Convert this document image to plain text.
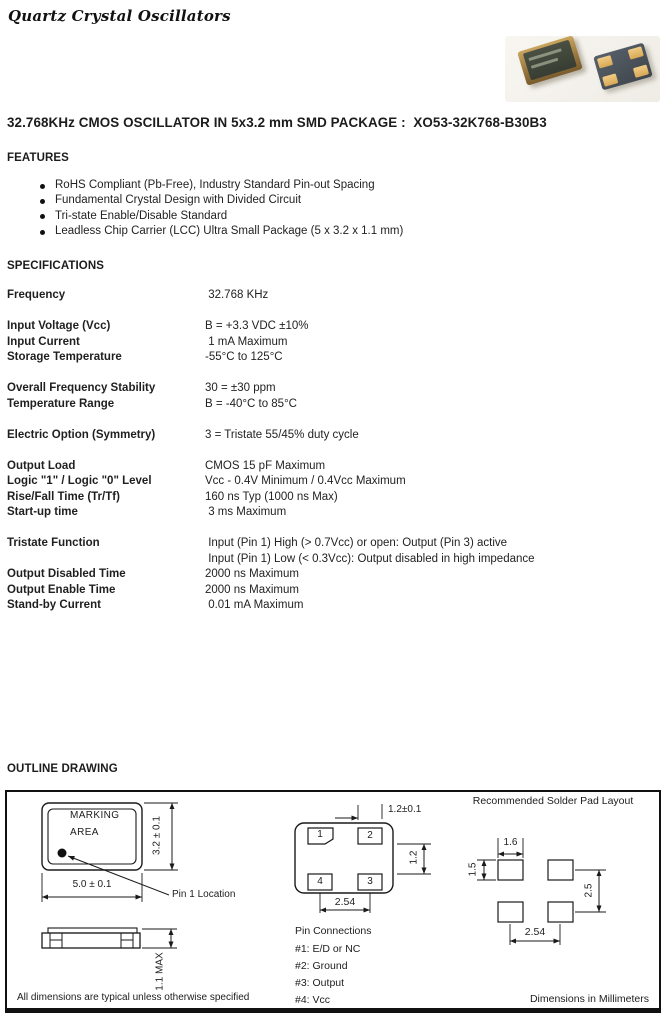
Quartz Crystal Oscillators
32.768KHz CMOS OSCILLATOR IN 5x3.2 mm SMD PACKAGE :  XO53-32K768-B30B3
FEATURES
RoHS Compliant (Pb-Free), Industry Standard Pin-out Spacing
Fundamental Crystal Design with Divided Circuit
Tri-state Enable/Disable Standard
Leadless Chip Carrier (LCC) Ultra Small Package (5 x 3.2 x 1.1 mm)
SPECIFICATIONS
Frequency	32.768 KHz
Input Voltage (Vcc)	B = +3.3 VDC ±10%
Input Current	1 mA Maximum
Storage Temperature	-55°C to 125°C
Overall Frequency Stability	30 = ±30 ppm
Temperature Range	B = -40°C to 85°C
Electric Option (Symmetry)	3 = Tristate 55/45% duty cycle
Output Load	CMOS 15 pF Maximum
Logic "1" / Logic "0" Level	Vcc - 0.4V Minimum / 0.4Vcc Maximum
Rise/Fall Time (Tr/Tf)	160 ns Typ (1000 ns Max)
Start-up time	3 ms Maximum
Tristate Function	Input (Pin 1) High (> 0.7Vcc) or open: Output (Pin 3) active
Input (Pin 1) Low (< 0.3Vcc): Output disabled in high impedance
Output Disabled Time	2000 ns Maximum
Output Enable Time	2000 ns Maximum
Stand-by Current	0.01 mA Maximum
OUTLINE DRAWING
MARKING
AREA	3.2 ± 0.1
5.0 ± 0.1
Pin 1 Location
1.1 MAX
All dimensions are typical unless otherwise specified
1	2
4	3
1.2±0.1
1.2
2.54
Pin Connections
#1: E/D or NC
#2: Ground
#3: Output
#4: Vcc
Recommended Solder Pad Layout
1.6
1.5
2.5
2.54
Dimensions in Millimeters
